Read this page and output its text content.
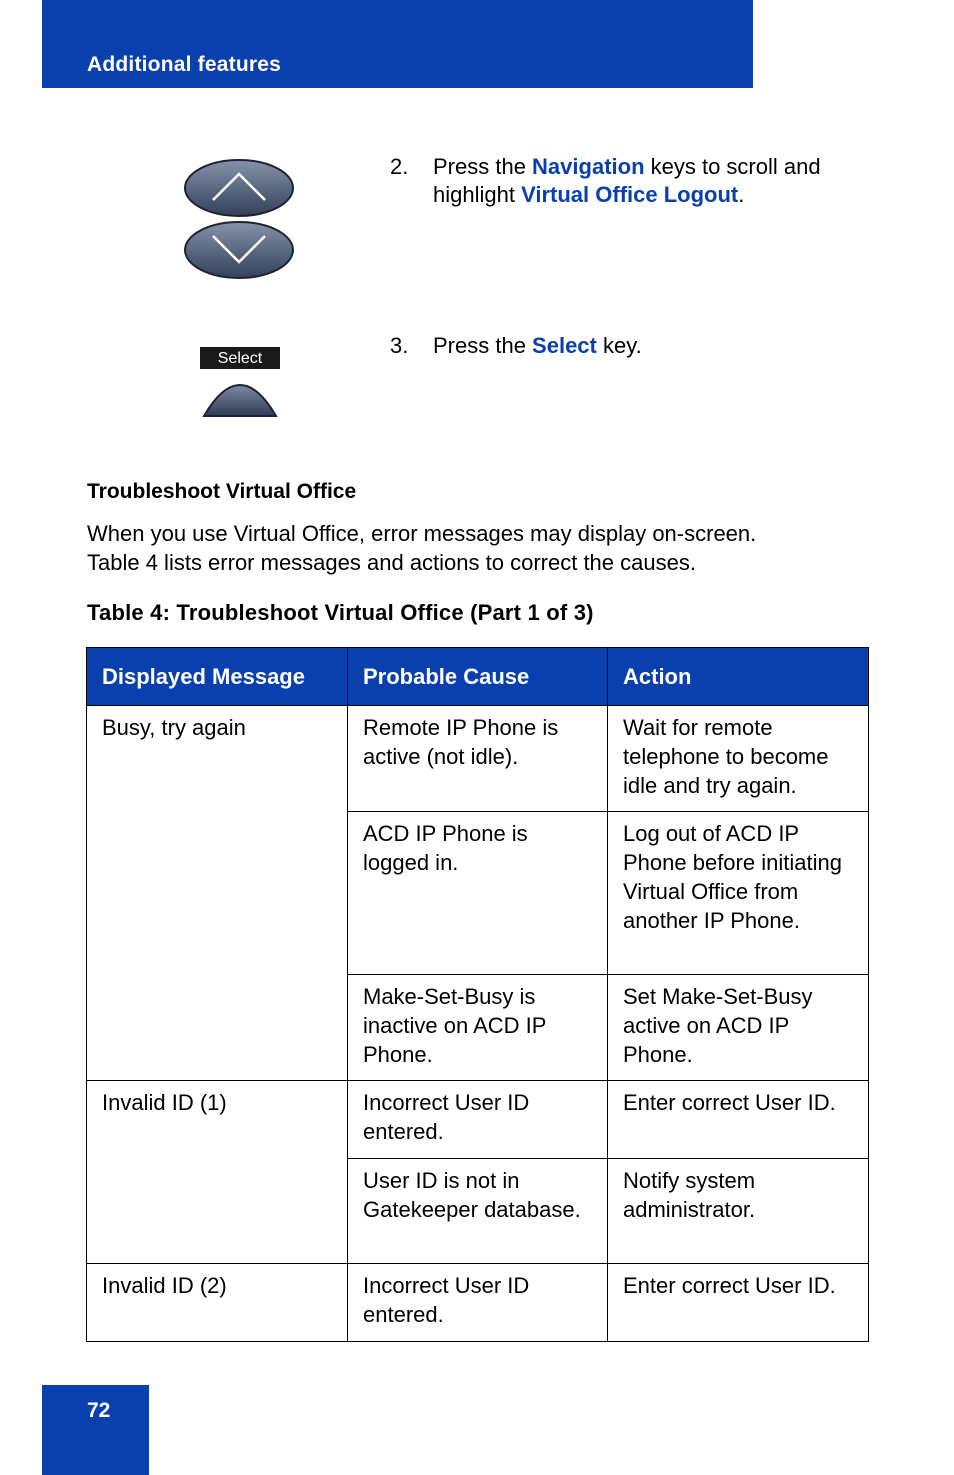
Additional features
2. Press the Navigation keys to scroll and highlight Virtual Office Logout.
Select
3. Press the Select key.
Troubleshoot Virtual Office
When you use Virtual Office, error messages may display on-screen.
Table 4 lists error messages and actions to correct the causes.
Table 4: Troubleshoot Virtual Office (Part 1 of 3)
Displayed Message	Probable Cause	Action
Busy, try again	Remote IP Phone is active (not idle).	Wait for remote telephone to become idle and try again.
	ACD IP Phone is logged in.	Log out of ACD IP Phone before initiating Virtual Office from another IP Phone.
	Make-Set-Busy is inactive on ACD IP Phone.	Set Make-Set-Busy active on ACD IP Phone.
Invalid ID (1)	Incorrect User ID entered.	Enter correct User ID.
	User ID is not in Gatekeeper database.	Notify system administrator.
Invalid ID (2)	Incorrect User ID entered.	Enter correct User ID.
72
